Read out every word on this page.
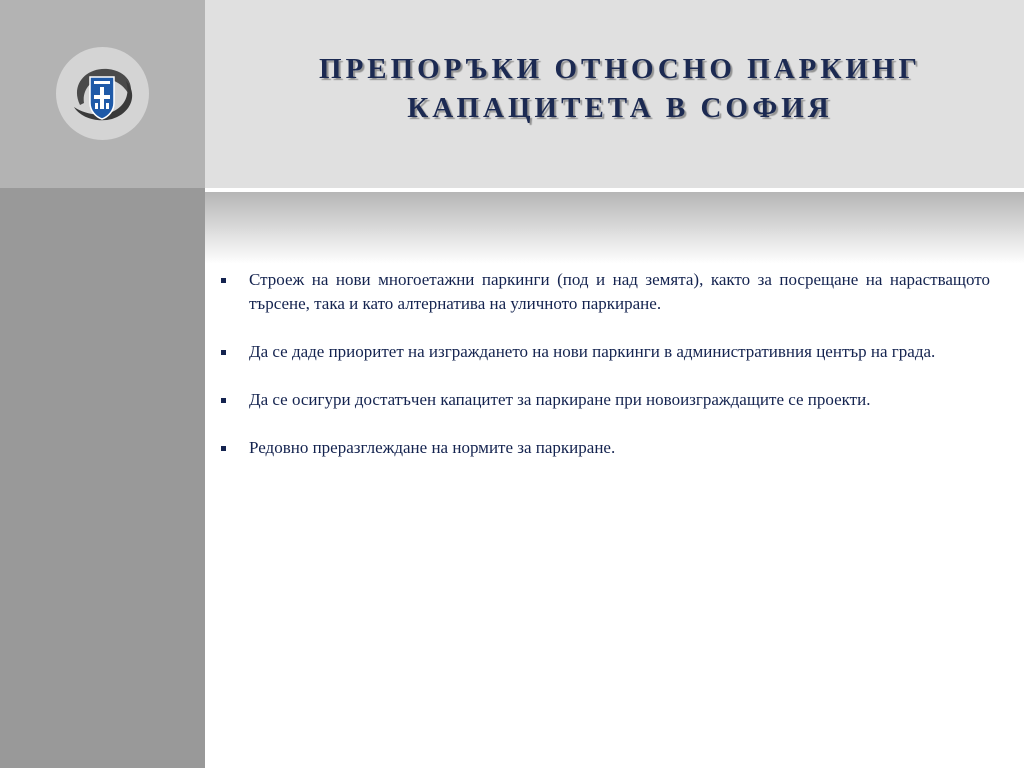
ПРЕПОРЪКИ ОТНОСНО ПАРКИНГ
КАПАЦИТЕТА В СОФИЯ
Строеж на нови многоетажни паркинги (под и над земята), както за посрещане на нарастващото търсене, така и като алтернатива на уличното паркиране.
Да се даде приоритет на изграждането на нови паркинги в административния център на града.
Да се осигури достатъчен капацитет за паркиране при новоизграждащите се проекти.
Редовно преразглеждане на нормите за паркиране.
